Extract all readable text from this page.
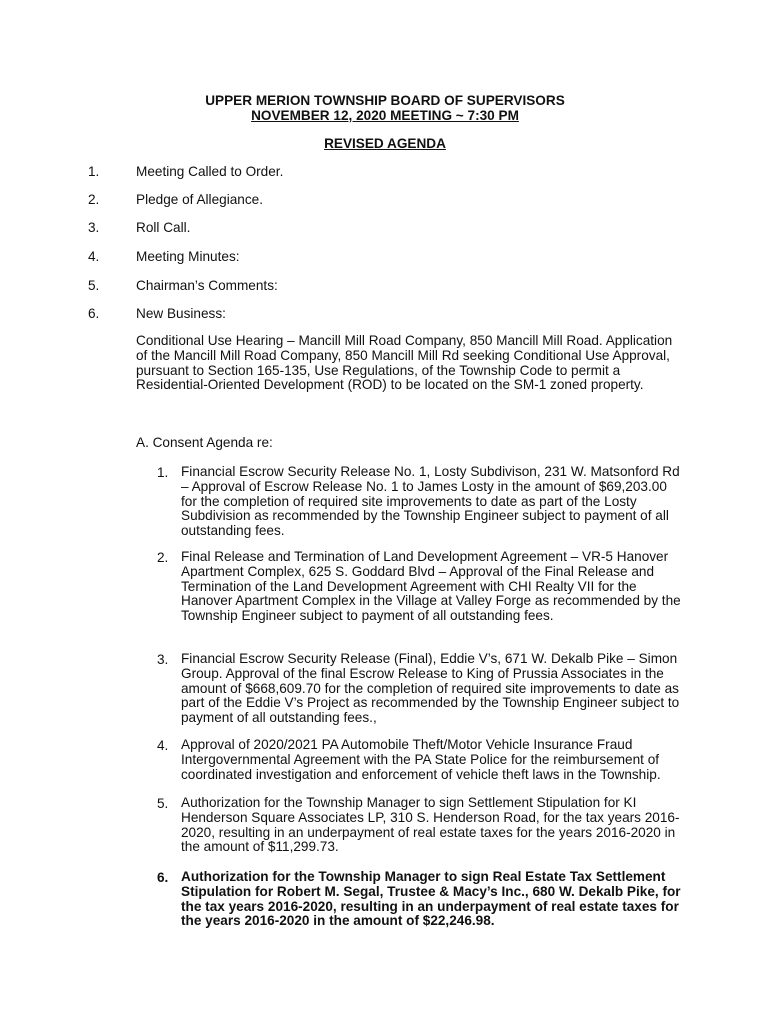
UPPER MERION TOWNSHIP BOARD OF SUPERVISORS
NOVEMBER 12, 2020 MEETING ~ 7:30 PM
REVISED AGENDA
1.	Meeting Called to Order.
2.	Pledge of Allegiance.
3.	Roll Call.
4.	Meeting Minutes:
5.	Chairman’s Comments:
6.	New Business:
Conditional Use Hearing – Mancill Mill Road Company, 850 Mancill Mill Road. Application of the Mancill Mill Road Company, 850 Mancill Mill Rd seeking Conditional Use Approval, pursuant to Section 165-135, Use Regulations, of the Township Code to permit a Residential-Oriented Development (ROD) to be located on the SM-1 zoned property.
A. Consent Agenda re:
1. Financial Escrow Security Release No. 1, Losty Subdivison, 231 W. Matsonford Rd – Approval of Escrow Release No. 1 to James Losty in the amount of $69,203.00 for the completion of required site improvements to date as part of the Losty Subdivision as recommended by the Township Engineer subject to payment of all outstanding fees.
2. Final Release and Termination of Land Development Agreement – VR-5 Hanover Apartment Complex, 625 S. Goddard Blvd – Approval of the Final Release and Termination of the Land Development Agreement with CHI Realty VII for the Hanover Apartment Complex in the Village at Valley Forge as recommended by the Township Engineer subject to payment of all outstanding fees.
3. Financial Escrow Security Release (Final), Eddie V’s, 671 W. Dekalb Pike – Simon Group. Approval of the final Escrow Release to King of Prussia Associates in the amount of $668,609.70 for the completion of required site improvements to date as part of the Eddie V’s Project as recommended by the Township Engineer subject to payment of all outstanding fees.,
4. Approval of 2020/2021 PA Automobile Theft/Motor Vehicle Insurance Fraud Intergovernmental Agreement with the PA State Police for the reimbursement of coordinated investigation and enforcement of vehicle theft laws in the Township.
5. Authorization for the Township Manager to sign Settlement Stipulation for KI Henderson Square Associates LP, 310 S. Henderson Road, for the tax years 2016-2020, resulting in an underpayment of real estate taxes for the years 2016-2020 in the amount of $11,299.73.
6. Authorization for the Township Manager to sign Real Estate Tax Settlement Stipulation for Robert M. Segal, Trustee & Macy’s Inc., 680 W. Dekalb Pike, for the tax years 2016-2020, resulting in an underpayment of real estate taxes for the years 2016-2020 in the amount of $22,246.98.
